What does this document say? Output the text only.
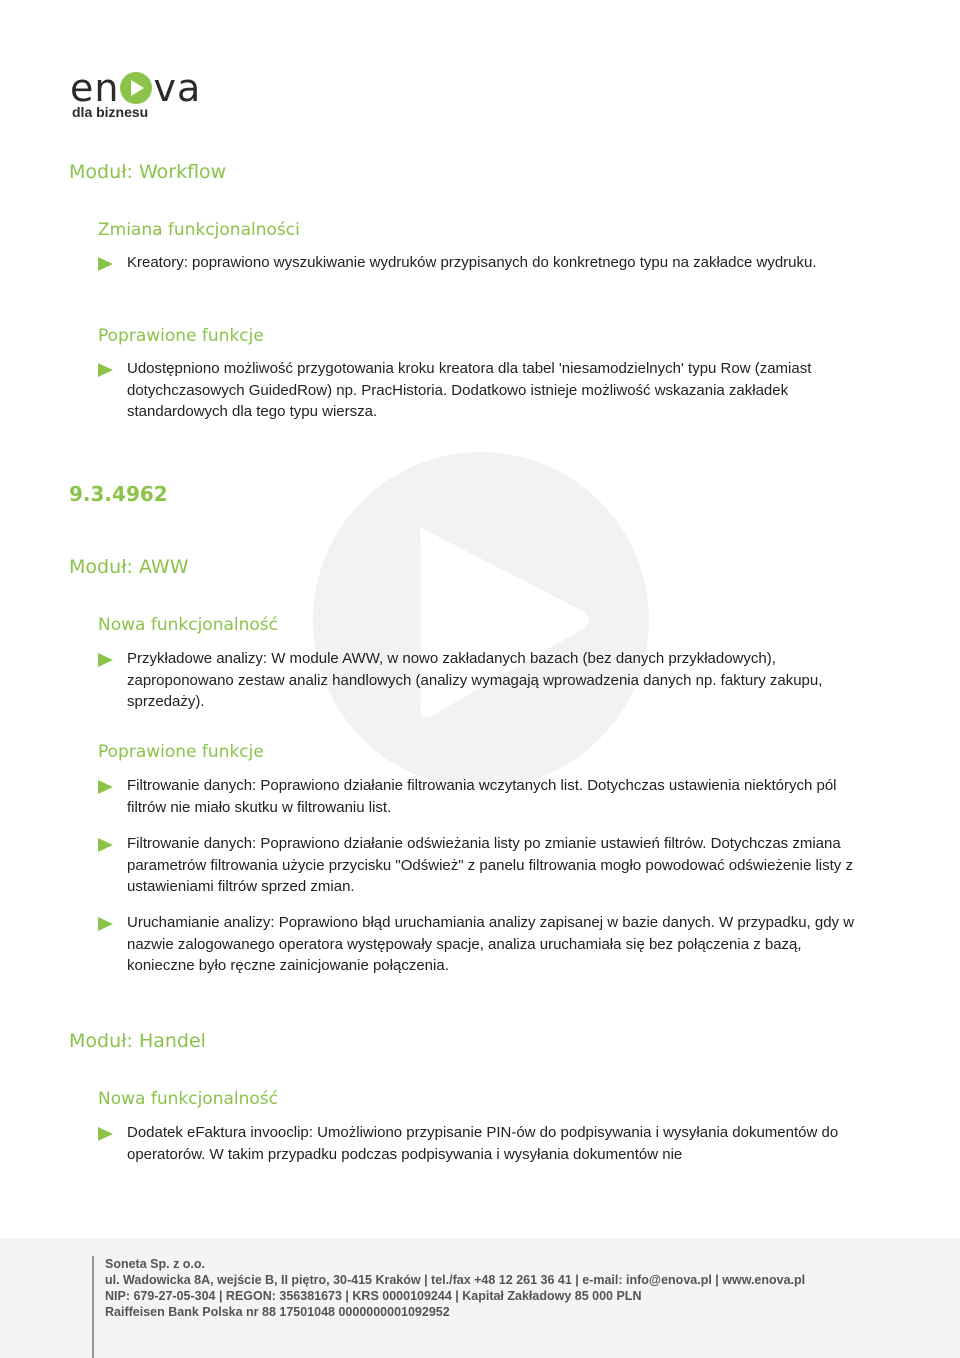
en va
dla biznesu
Moduł: Workflow
Zmiana funkcjonalności
Kreatory: poprawiono wyszukiwanie wydruków przypisanych do konkretnego typu na zakładce wydruku.
Poprawione funkcje
Udostępniono możliwość przygotowania kroku kreatora dla tabel 'niesamodzielnych' typu Row (zamiast dotychczasowych GuidedRow) np. PracHistoria. Dodatkowo istnieje możliwość wskazania zakładek standardowych dla tego typu wiersza.
9.3.4962
Moduł: AWW
Nowa funkcjonalność
Przykładowe analizy: W module AWW, w nowo zakładanych bazach (bez danych przykładowych), zaproponowano zestaw analiz handlowych (analizy wymagają wprowadzenia danych np. faktury zakupu, sprzedaży).
Poprawione funkcje
Filtrowanie danych: Poprawiono działanie filtrowania wczytanych list. Dotychczas ustawienia niektórych pól filtrów nie miało skutku w filtrowaniu list.
Filtrowanie danych: Poprawiono działanie odświeżania listy po zmianie ustawień filtrów. Dotychczas zmiana parametrów filtrowania użycie przycisku "Odśwież" z panelu filtrowania mogło powodować odświeżenie listy z ustawieniami filtrów sprzed zmian.
Uruchamianie analizy: Poprawiono błąd uruchamiania analizy zapisanej w bazie danych. W przypadku, gdy w nazwie zalogowanego operatora występowały spacje, analiza uruchamiała się bez połączenia z bazą, konieczne było ręczne zainicjowanie połączenia.
Moduł: Handel
Nowa funkcjonalność
Dodatek eFaktura invooclip: Umożliwiono przypisanie PIN-ów do podpisywania i wysyłania dokumentów do operatorów. W takim przypadku podczas podpisywania i wysyłania dokumentów nie
Soneta Sp. z o.o.
ul. Wadowicka 8A, wejście B, II piętro, 30-415 Kraków | tel./fax +48 12 261 36 41 | e-mail: info@enova.pl | www.enova.pl
NIP: 679-27-05-304 | REGON: 356381673 | KRS 0000109244 | Kapitał Zakładowy 85 000 PLN
Raiffeisen Bank Polska nr 88 17501048 0000000001092952
